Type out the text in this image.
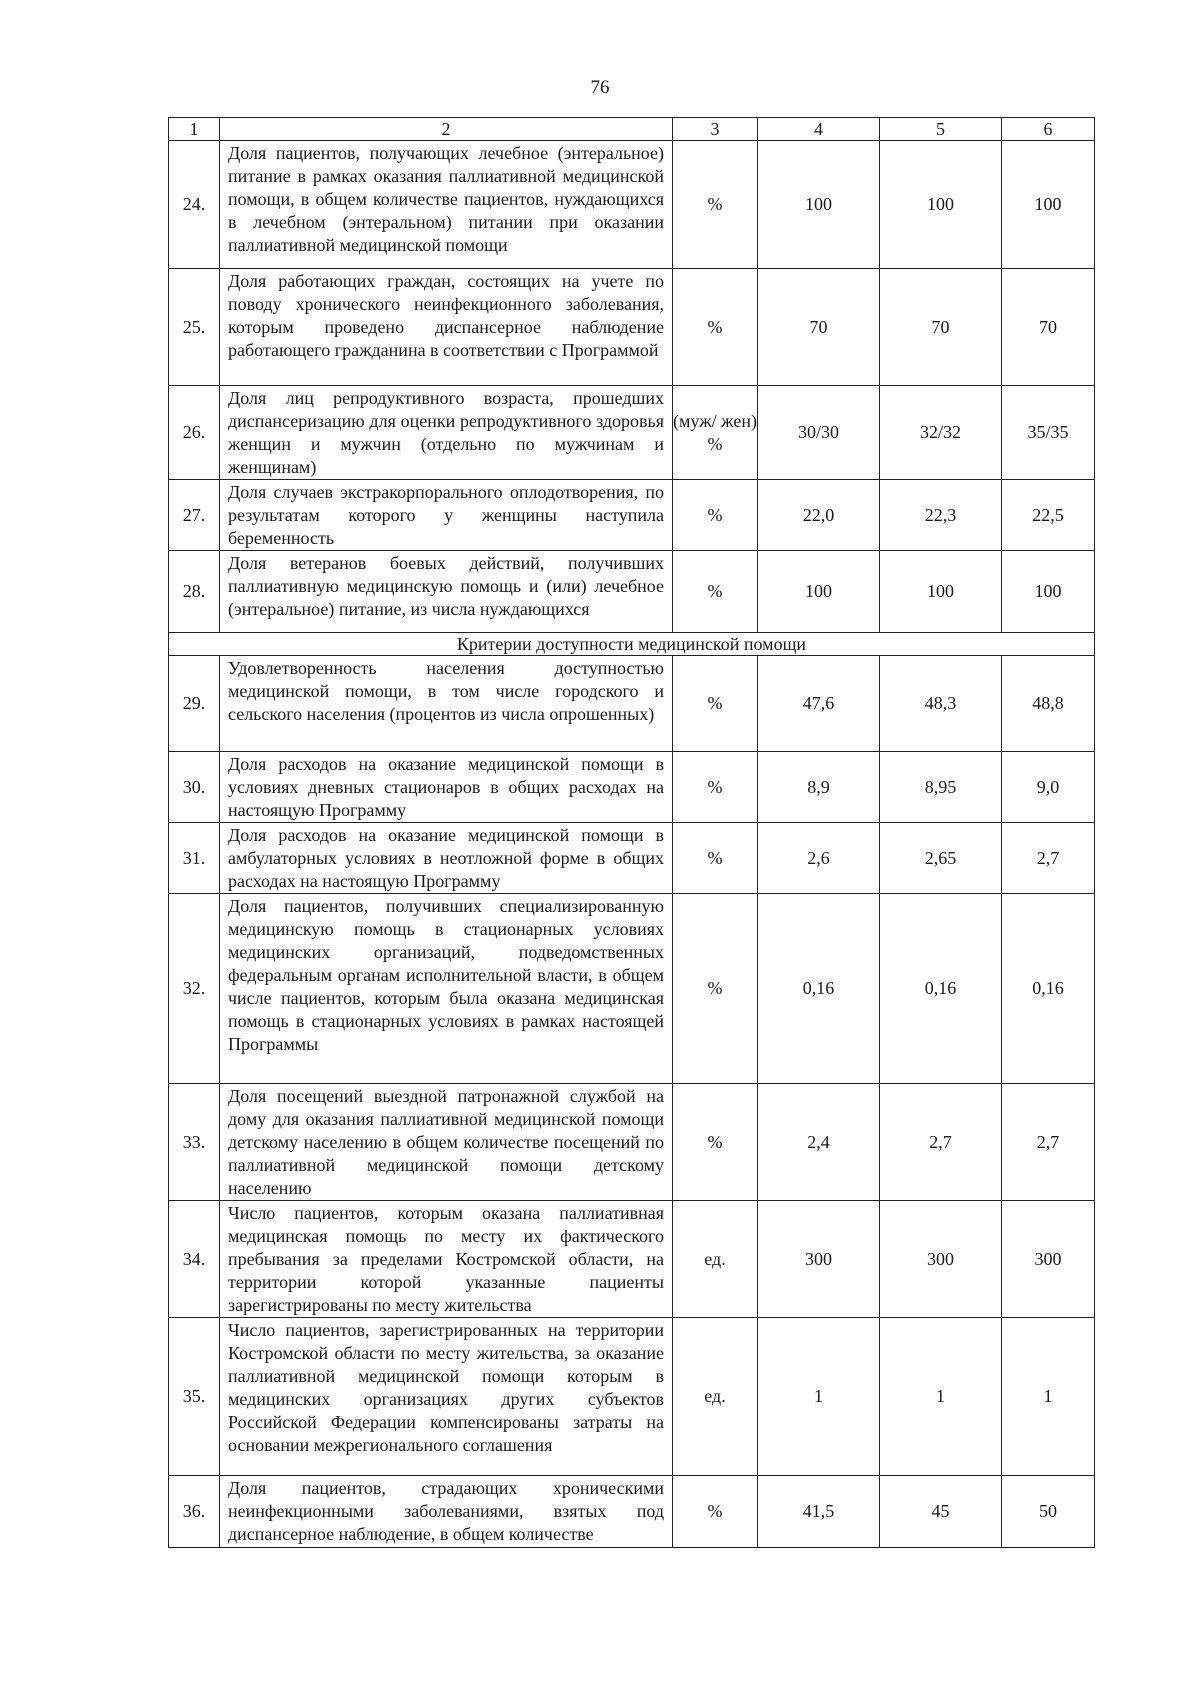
76
1	2	3	4	5	6
24.	Доля пациентов, получающих лечебное (энтеральное) питание в рамках оказания паллиативной медицинской помощи, в общем количестве пациентов, нуждающихся в лечебном (энтеральном) питании при оказании паллиативной медицинской помощи	%	100	100	100
25.	Доля работающих граждан, состоящих на учете по поводу хронического неинфекционного заболевания, которым проведено диспансерное наблюдение работающего гражданина в соответствии с Программой	%	70	70	70
26.	Доля лиц репродуктивного возраста, прошедших диспансеризацию для оценки репродуктивного здоровья женщин и мужчин (отдельно по мужчинам и женщинам)	(муж/ жен) %	30/30	32/32	35/35
27.	Доля случаев экстракорпорального оплодотворения, по результатам которого у женщины наступила беременность	%	22,0	22,3	22,5
28.	Доля ветеранов боевых действий, получивших паллиативную медицинскую помощь и (или) лечебное (энтеральное) питание, из числа нуждающихся	%	100	100	100
Критерии доступности медицинской помощи					
29.	Удовлетворенность населения доступностью медицинской помощи, в том числе городского и сельского населения (процентов из числа опрошенных)	%	47,6	48,3	48,8
30.	Доля расходов на оказание медицинской помощи в условиях дневных стационаров в общих расходах на настоящую Программу	%	8,9	8,95	9,0
31.	Доля расходов на оказание медицинской помощи в амбулаторных условиях в неотложной форме в общих расходах на настоящую Программу	%	2,6	2,65	2,7
32.	Доля пациентов, получивших специализированную медицинскую помощь в стационарных условиях медицинских организаций, подведомственных федеральным органам исполнительной власти, в общем числе пациентов, которым была оказана медицинская помощь в стационарных условиях в рамках настоящей Программы	%	0,16	0,16	0,16
33.	Доля посещений выездной патронажной службой на дому для оказания паллиативной медицинской помощи детскому населению в общем количестве посещений по паллиативной медицинской помощи детскому населению	%	2,4	2,7	2,7
34.	Число пациентов, которым оказана паллиативная медицинская помощь по месту их фактического пребывания за пределами Костромской области, на территории которой указанные пациенты зарегистрированы по месту жительства	ед.	300	300	300
35.	Число пациентов, зарегистрированных на территории Костромской области по месту жительства, за оказание паллиативной медицинской помощи которым в медицинских организациях других субъектов Российской Федерации компенсированы затраты на основании межрегионального соглашения	ед.	1	1	1
36.	Доля пациентов, страдающих хроническими неинфекционными заболеваниями, взятых под диспансерное наблюдение, в общем количестве	%	41,5	45	50
